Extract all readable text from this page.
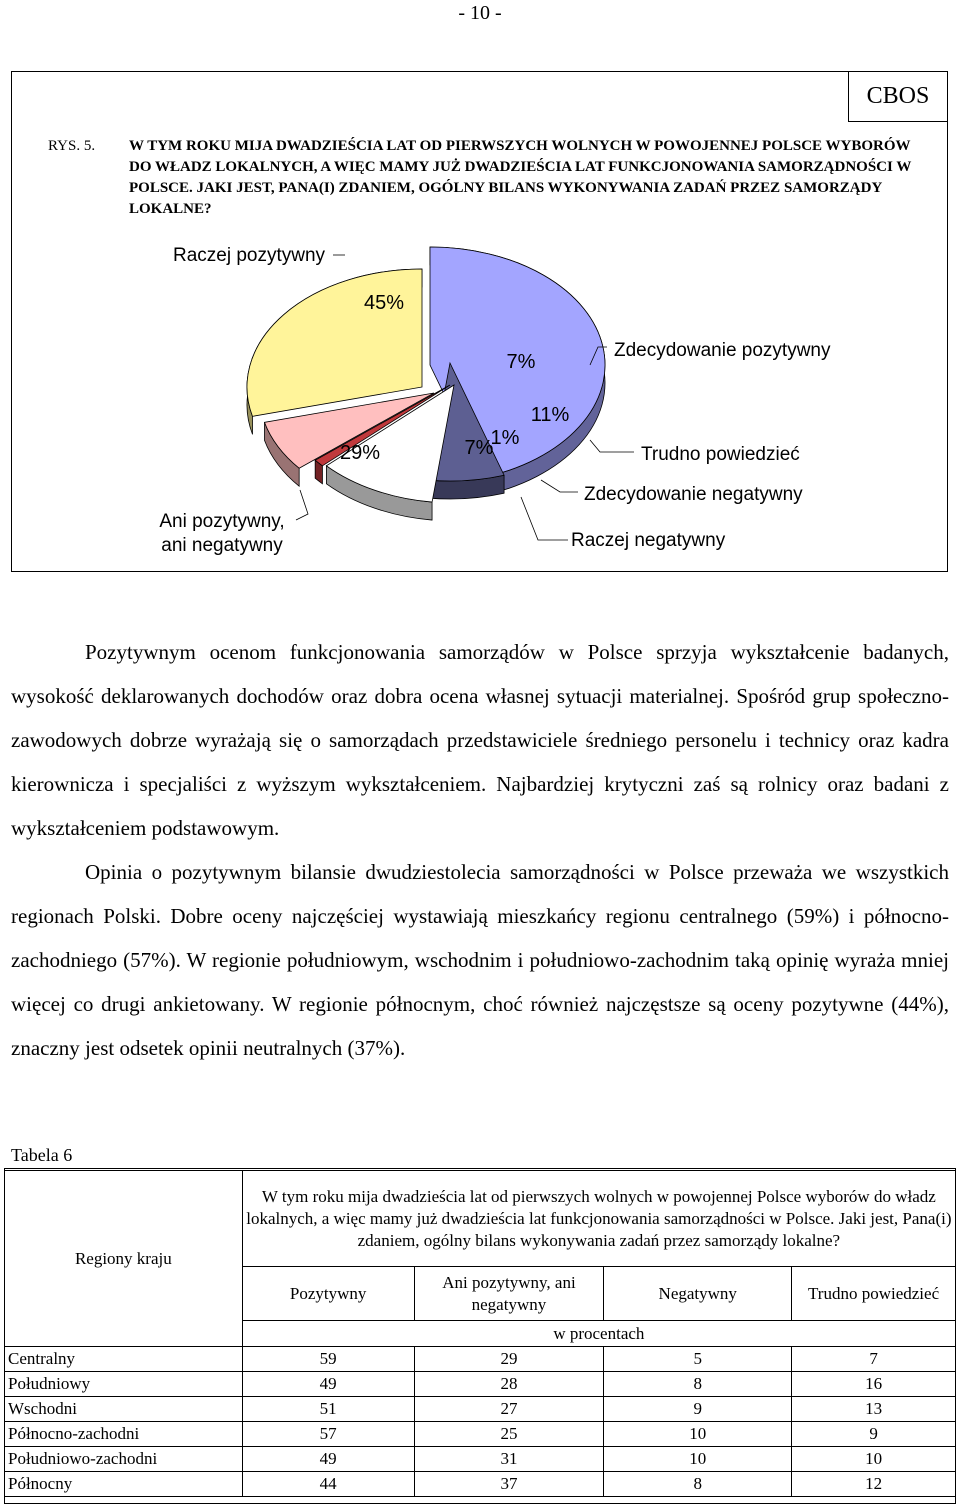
- 10 -
CBOS
RYS. 5. W TYM ROKU MIJA DWADZIEŚCIA LAT OD PIERWSZYCH WOLNYCH W POWOJENNEJ POLSCE WYBORÓW DO WŁADZ LOKALNYCH, A WIĘC MAMY JUŻ DWADZIEŚCIA LAT FUNKCJONOWANIA SAMORZĄDNOŚCI W POLSCE. JAKI JEST, PANA(I) ZDANIEM, OGÓLNY BILANS WYKONYWANIA ZADAŃ PRZEZ SAMORZĄDY LOKALNE?
45%
Raczej pozytywny
7%
Zdecydowanie pozytywny
11%
Trudno powiedzieć
1%
Zdecydowanie negatywny
7%
Raczej negatywny
29%
Ani pozytywny, ani negatywny

Pozytywnym ocenom funkcjonowania samorządów w Polsce sprzyja wykształcenie badanych, wysokość deklarowanych dochodów oraz dobra ocena własnej sytuacji materialnej. Spośród grup społeczno-zawodowych dobrze wyrażają się o samorządach przedstawiciele średniego personelu i technicy oraz kadra kierownicza i specjaliści z wyższym wykształceniem. Najbardziej krytyczni zaś są rolnicy oraz badani z wykształceniem podstawowym.

Opinia o pozytywnym bilansie dwudziestolecia samorządności w Polsce przeważa we wszystkich regionach Polski. Dobre oceny najczęściej wystawiają mieszkańcy regionu centralnego (59%) i północno-zachodniego (57%). W regionie południowym, wschodnim i południowo-zachodnim taką opinię wyraża mniej więcej co drugi ankietowany. W regionie północnym, choć również najczęstsze są oceny pozytywne (44%), znaczny jest odsetek opinii neutralnych (37%).

Tabela 6
Regiony kraju	W tym roku mija dwadzieścia lat od pierwszych wolnych w powojennej Polsce wyborów do władz lokalnych, a więc mamy już dwadzieścia lat funkcjonowania samorządności w Polsce. Jaki jest, Pana(i) zdaniem, ogólny bilans wykonywania zadań przez samorządy lokalne?			
	Pozytywny	Ani pozytywny, ani negatywny	Negatywny	Trudno powiedzieć
	w procentach			
Centralny	59	29	5	7
Południowy	49	28	8	16
Wschodni	51	27	9	13
Północno-zachodni	57	25	10	9
Południowo-zachodni	49	31	10	10
Północny	44	37	8	12
